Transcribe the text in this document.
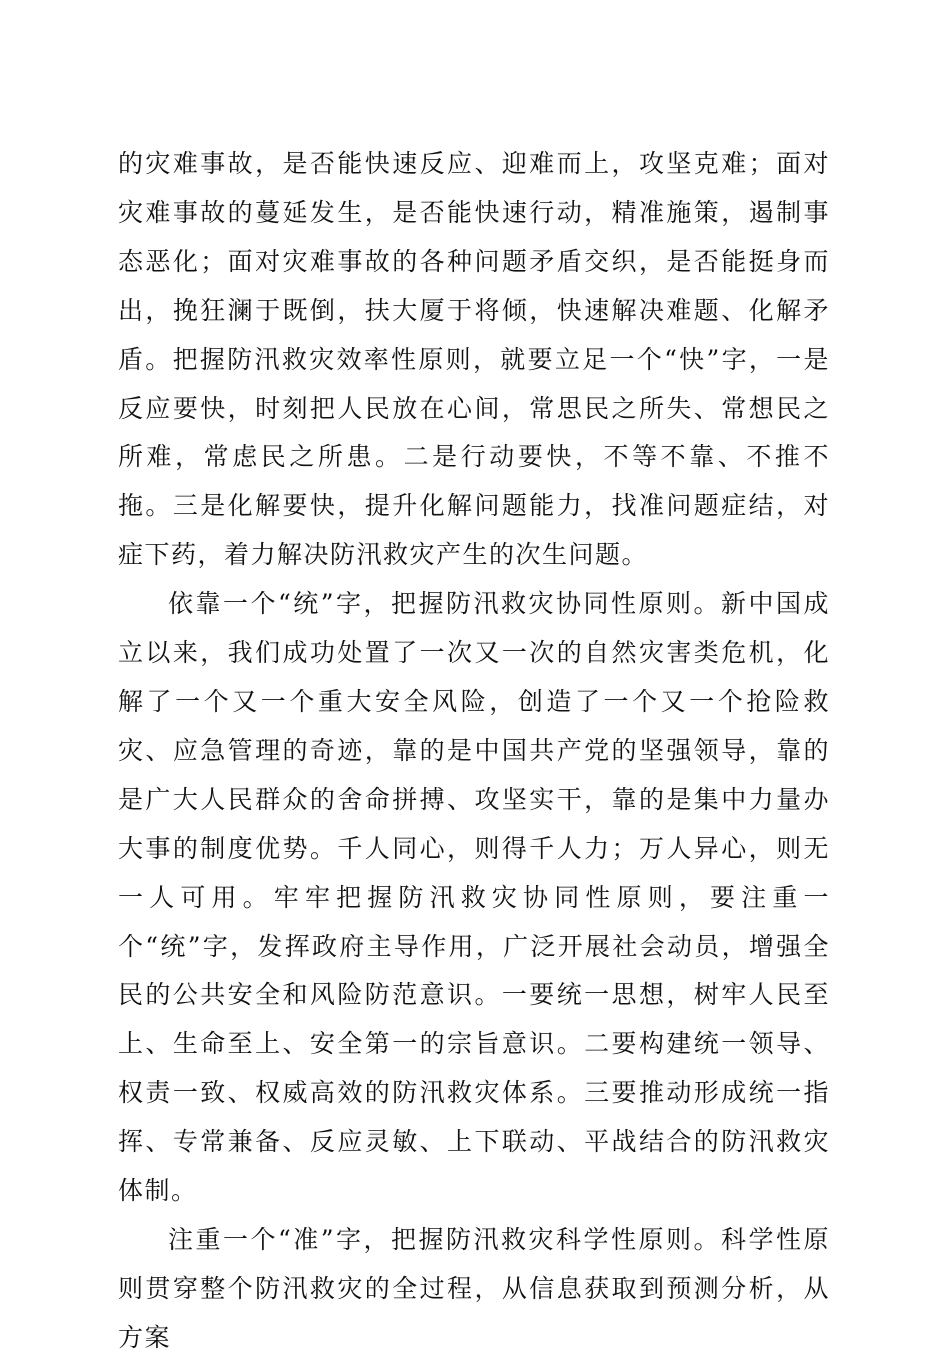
的灾难事故，是否能快速反应、迎难而上，攻坚克难；面对灾难事故的蔓延发生，是否能快速行动，精准施策，遏制事态恶化；面对灾难事故的各种问题矛盾交织，是否能挺身而出，挽狂澜于既倒，扶大厦于将倾，快速解决难题、化解矛盾。把握防汛救灾效率性原则，就要立足一个“快”字，一是反应要快，时刻把人民放在心间，常思民之所失、常想民之所难，常虑民之所患。二是行动要快，不等不靠、不推不拖。三是化解要快，提升化解问题能力，找准问题症结，对症下药，着力解决防汛救灾产生的次生问题。

依靠一个“统”字，把握防汛救灾协同性原则。新中国成立以来，我们成功处置了一次又一次的自然灾害类危机，化解了一个又一个重大安全风险，创造了一个又一个抢险救灾、应急管理的奇迹，靠的是中国共产党的坚强领导，靠的是广大人民群众的舍命拼搏、攻坚实干，靠的是集中力量办大事的制度优势。千人同心，则得千人力；万人异心，则无一人可用。牢牢把握防汛救灾协同性原则，要注重一个“统”字，发挥政府主导作用，广泛开展社会动员，增强全民的公共安全和风险防范意识。一要统一思想，树牢人民至上、生命至上、安全第一的宗旨意识。二要构建统一领导、权责一致、权威高效的防汛救灾体系。三要推动形成统一指挥、专常兼备、反应灵敏、上下联动、平战结合的防汛救灾体制。

注重一个“准”字，把握防汛救灾科学性原则。科学性原则贯穿整个防汛救灾的全过程，从信息获取到预测分析，从方案
